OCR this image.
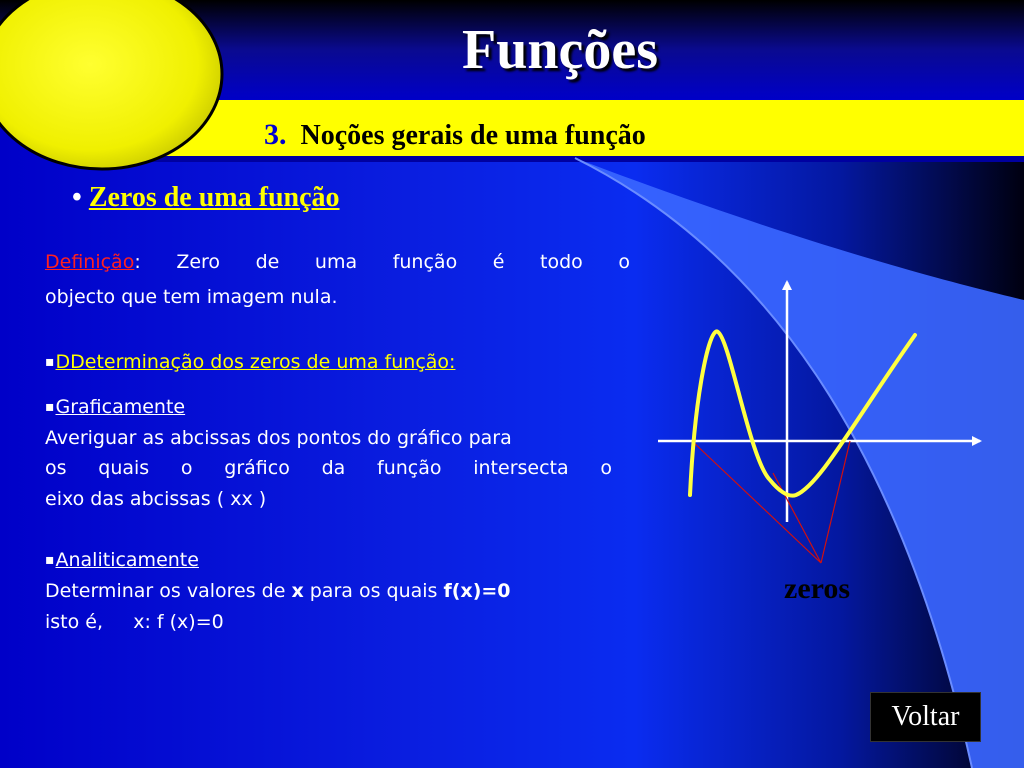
Funções
3. Noções gerais de uma função
• Zeros de uma função
Definição: Zero de uma função é todo o
objecto que tem imagem nula.
▪DDeterminação dos zeros de uma função:
▪Graficamente
Averiguar as abcissas dos pontos do gráfico para
os quais o gráfico da função intersecta o
eixo das abcissas ( xx )
▪Analiticamente
Determinar os valores de x para os quais f(x)=0
isto é,     x: f (x)=0
zeros
Voltar
